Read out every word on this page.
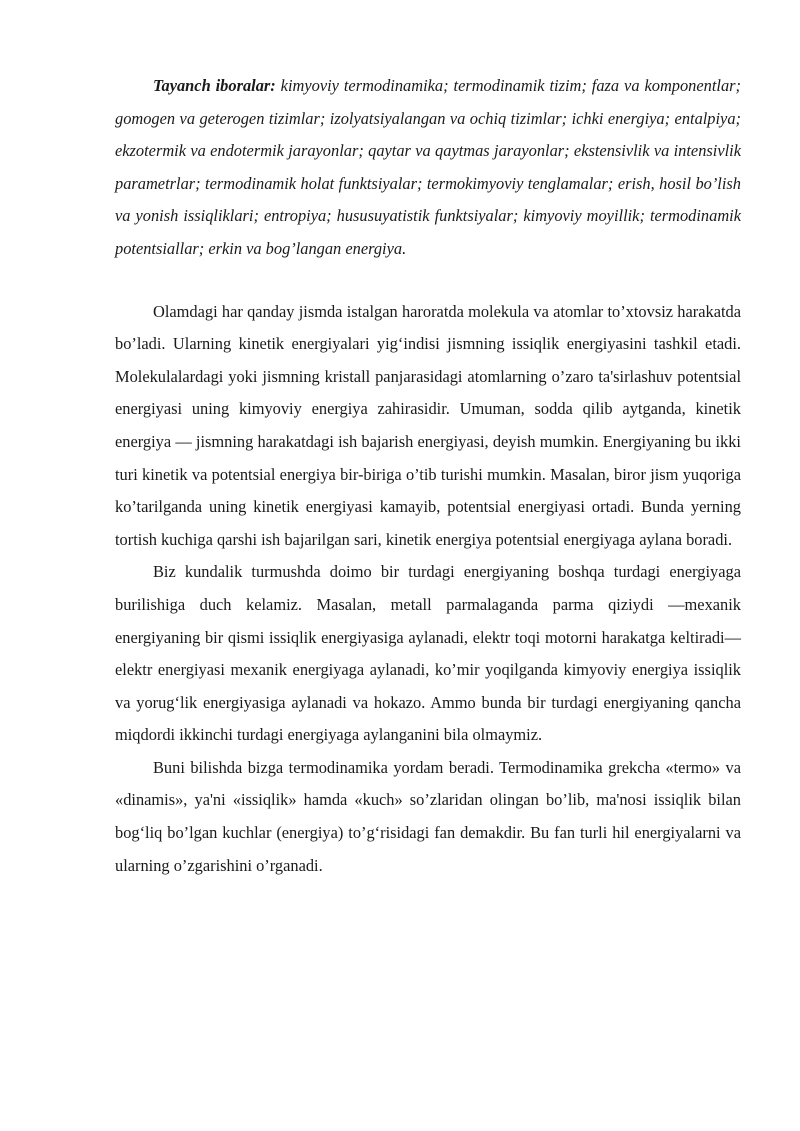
Tayanch iboralar: kimyoviy termodinamika; termodinamik tizim; faza va komponentlar; gomogen va geterogen tizimlar; izolyatsiyalangan va ochiq tizimlar; ichki energiya; entalpiya; ekzotermik va endotermik jarayonlar; qaytar va qaytmas jarayonlar; ekstensivlik va intensivlik parametrlar; termodinamik holat funktsiyalar; termokimyoviy tenglamalar; erish, hosil bo’lish va yonish issiqliklari; entropiya; hususuyatistik funktsiyalar; kimyoviy moyillik; termodinamik potentsiallar; erkin va bog’langan energiya.

Olamdagi har qanday jismda istalgan haroratda molekula va atomlar to’xtovsiz harakatda bo’ladi. Ularning kinetik energiyalari yig‘indisi jismning issiqlik energiyasini tashkil etadi. Molekulalardagi yoki jismning kristall panjarasidagi atomlarning o’zaro ta'sirlashuv potentsial energiyasi uning kimyoviy energiya zahirasidir. Umuman, sodda qilib aytganda, kinetik energiya — jismning harakatdagi ish bajarish energiyasi, deyish mumkin. Energiyaning bu ikki turi kinetik va potentsial energiya bir-biriga o’tib turishi mumkin. Masalan, biror jism yuqoriga ko’tarilganda uning kinetik energiyasi kamayib, potentsial energiyasi ortadi. Bunda yerning tortish kuchiga qarshi ish bajarilgan sari, kinetik energiya potentsial energiyaga aylana boradi.

Biz kundalik turmushda doimo bir turdagi energiyaning boshqa turdagi energiyaga burilishiga duch kelamiz. Masalan, metall parmalaganda parma qiziydi —mexanik energiyaning bir qismi issiqlik energiyasiga aylanadi, elektr toqi motorni harakatga keltiradi—elektr energiyasi mexanik energiyaga aylanadi, ko’mir yoqilganda kimyoviy energiya issiqlik va yorug‘lik energiyasiga aylanadi va hokazo. Ammo bunda bir turdagi energiyaning qancha miqdordi ikkinchi turdagi energiyaga aylanganini bila olmaymiz.

Buni bilishda bizga termodinamika yordam beradi. Termodinamika grekcha «termo» va «dinamis», ya'ni «issiqlik» hamda «kuch» so’zlaridan olingan bo’lib, ma'nosi issiqlik bilan bog‘liq bo’lgan kuchlar (energiya) to’g‘risidagi fan demakdir. Bu fan turli hil energiyalarni va ularning o’zgarishini o’rganadi.
